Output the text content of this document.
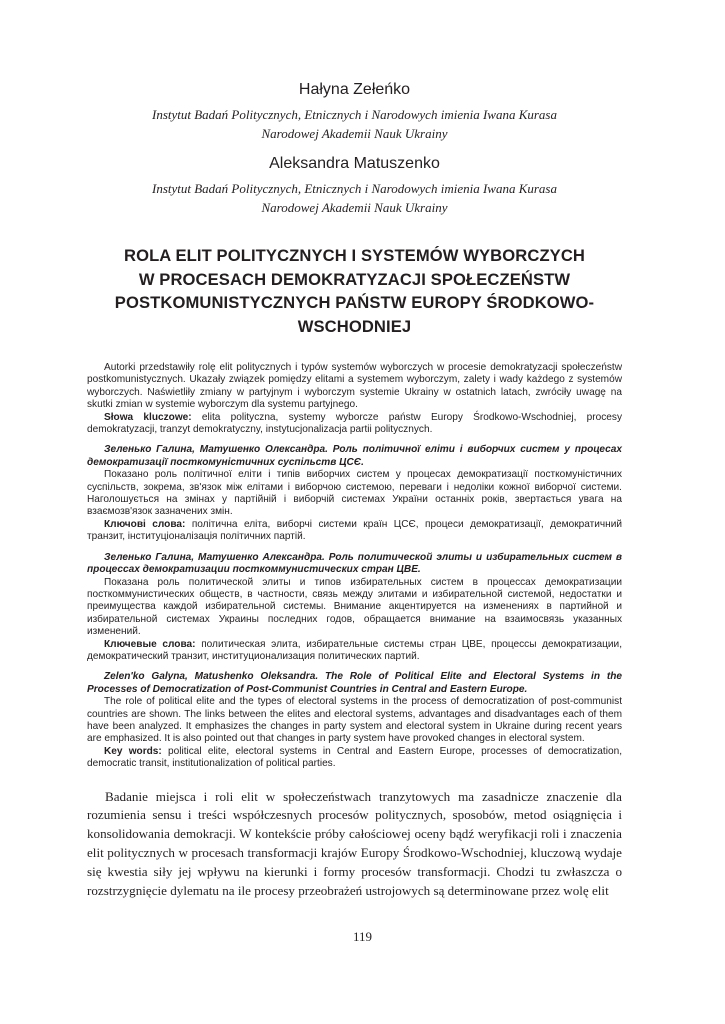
Hałyna Zełeńko

Instytut Badań Politycznych, Etnicznych i Narodowych imienia Iwana Kurasa
Narodowej Akademii Nauk Ukrainy

Aleksandra Matuszenko

Instytut Badań Politycznych, Etnicznych i Narodowych imienia Iwana Kurasa
Narodowej Akademii Nauk Ukrainy

ROLA ELIT POLITYCZNYCH I SYSTEMÓW WYBORCZYCH
W PROCESACH DEMOKRATYZACJI SPOŁECZEŃSTW
POSTKOMUNISTYCZNYCH PAŃSTW EUROPY ŚRODKOWO-
WSCHODNIEJ

Autorki przedstawiły rolę elit politycznych i typów systemów wyborczych w procesie demokratyzacji społeczeństw postkomunistycznych. Ukazały związek pomiędzy elitami a systemem wyborczym, zalety i wady każdego z systemów wyborczych. Naświetliły zmiany w partyjnym i wyborczym systemie Ukrainy w ostatnich latach, zwróciły uwagę na skutki zmian w systemie wyborczym dla systemu partyjnego.

Słowa kluczowe: elita polityczna, systemy wyborcze państw Europy Środkowo-Wschodniej, procesy demokratyzacji, tranzyt demokratyczny, instytucjonalizacja partii politycznych.

Зеленько Галина, Матушенко Олександра. Роль політичної еліти і виборчих систем у процесах демократизації посткомуністичних суспільств ЦСЄ.

Показано роль політичної еліти і типів виборчих систем у процесах демократизації посткомуністичних суспільств, зокрема, зв'язок між елітами і виборчою системою, переваги і недоліки кожної виборчої системи. Наголошується на змінах у партійній і виборчій системах України останніх років, звертається увага на взаємозв'язок зазначених змін.

Ключові слова: політична еліта, виборчі системи країн ЦСЄ, процеси демократизації, демократичний транзит, інституціоналізація політичних партій.

Зеленько Галина, Матушенко Александра. Роль политической элиты и избирательных систем в процессах демократизации посткоммунистических стран ЦВЕ.

Показана роль политической элиты и типов избирательных систем в процессах демократизации посткоммунистических обществ, в частности, связь между элитами и избирательной системой, недостатки и преимущества каждой избирательной системы. Внимание акцентируется на изменениях в партийной и избирательной системах Украины последних годов, обращается внимание на взаимосвязь указанных изменений.

Ключевые слова: политическая элита, избирательные системы стран ЦВЕ, процессы демократизации, демократический транзит, институционализация политических партий.

Zelen'ko Galyna, Matushenko Oleksandra. The Role of Political Elite and Electoral Systems in the Processes of Democratization of Post-Communist Countries in Central and Eastern Europe.

The role of political elite and the types of electoral systems in the process of democratization of post-communist countries are shown. The links between the elites and electoral systems, advantages and disadvantages each of them have been analyzed. It emphasizes the changes in party system and electoral system in Ukraine during recent years are emphasized. It is also pointed out that changes in party system have provoked changes in electoral system.

Key words: political elite, electoral systems in Central and Eastern Europe, processes of democratization, democratic transit, institutionalization of political parties.

Badanie miejsca i roli elit w społeczeństwach tranzytowych ma zasadnicze znaczenie dla rozumienia sensu i treści współczesnych procesów politycznych, sposobów, metod osiągnięcia i konsolidowania demokracji. W kontekście próby całościowej oceny bądź weryfikacji roli i znaczenia elit politycznych w procesach transformacji krajów Europy Środkowo-Wschodniej, kluczową wydaje się kwestia siły jej wpływu na kierunki i formy procesów transformacji. Chodzi tu zwłaszcza o rozstrzygnięcie dylematu na ile procesy przeobrażeń ustrojowych są determinowane przez wolę elit

119
